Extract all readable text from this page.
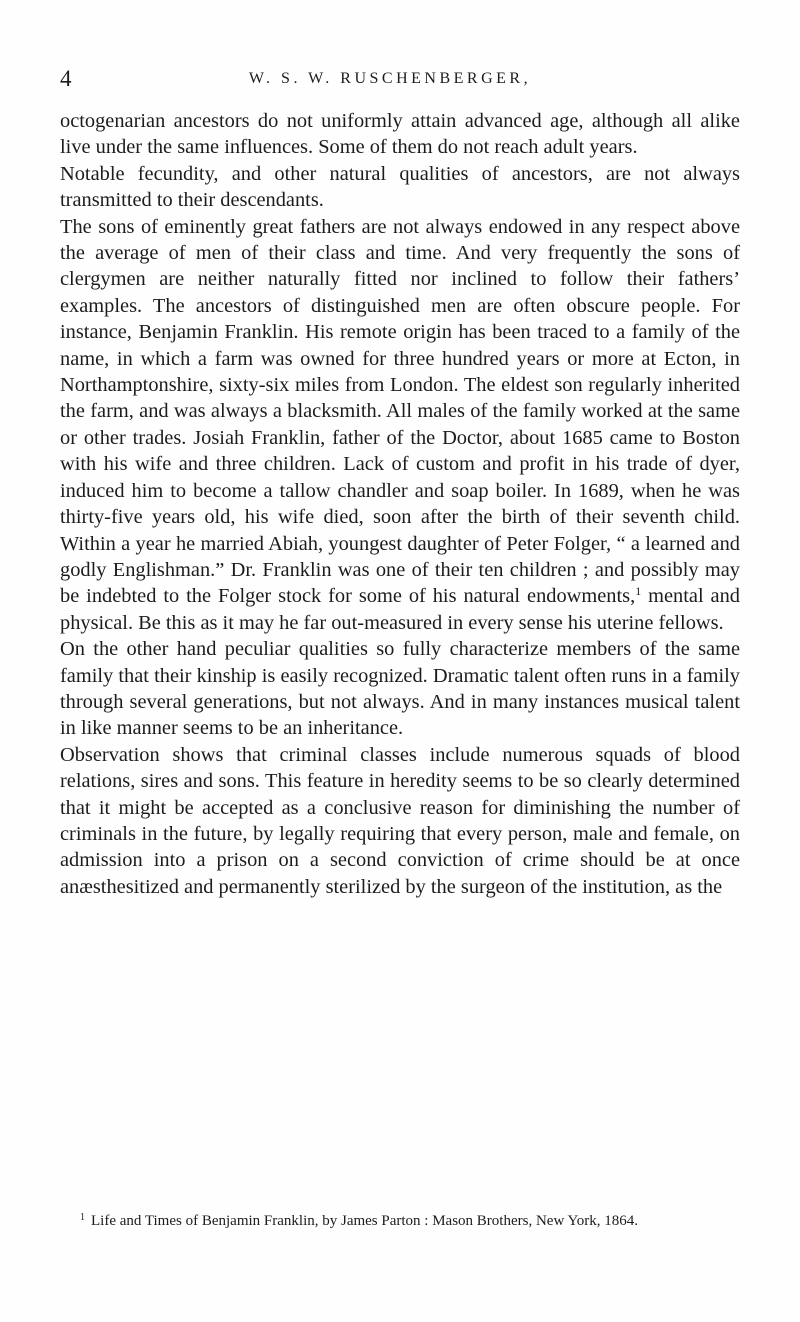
4	W. S. W. RUSCHENBERGER,

octogenarian ancestors do not uniformly attain advanced age, although all alike live under the same influences. Some of them do not reach adult years.

Notable fecundity, and other natural qualities of ancestors, are not always transmitted to their descendants.

The sons of eminently great fathers are not always endowed in any respect above the average of men of their class and time. And very frequently the sons of clergymen are neither naturally fitted nor inclined to follow their fathers’ examples. The ancestors of distinguished men are often obscure people. For instance, Benjamin Franklin. His remote origin has been traced to a family of the name, in which a farm was owned for three hundred years or more at Ecton, in Northamptonshire, sixty-six miles from London. The eldest son regularly inherited the farm, and was always a blacksmith. All males of the family worked at the same or other trades. Josiah Franklin, father of the Doctor, about 1685 came to Boston with his wife and three children. Lack of custom and profit in his trade of dyer, induced him to become a tallow chandler and soap boiler. In 1689, when he was thirty-five years old, his wife died, soon after the birth of their seventh child. Within a year he married Abiah, youngest daughter of Peter Folger, “ a learned and godly Englishman.” Dr. Franklin was one of their ten children ; and possibly may be indebted to the Folger stock for some of his natural endowments,$^1$ mental and physical. Be this as it may he far out-measured in every sense his uterine fellows.

On the other hand peculiar qualities so fully characterize members of the same family that their kinship is easily recognized. Dramatic talent often runs in a family through several generations, but not always. And in many instances musical talent in like manner seems to be an inheritance.

Observation shows that criminal classes include numerous squads of blood relations, sires and sons. This feature in heredity seems to be so clearly determined that it might be accepted as a conclusive reason for diminishing the number of criminals in the future, by legally requiring that every person, male and female, on admission into a prison on a second conviction of crime should be at once anæsthesitized and permanently sterilized by the surgeon of the institution, as the

$^1$ Life and Times of Benjamin Franklin, by James Parton : Mason Brothers, New York, 1864.
